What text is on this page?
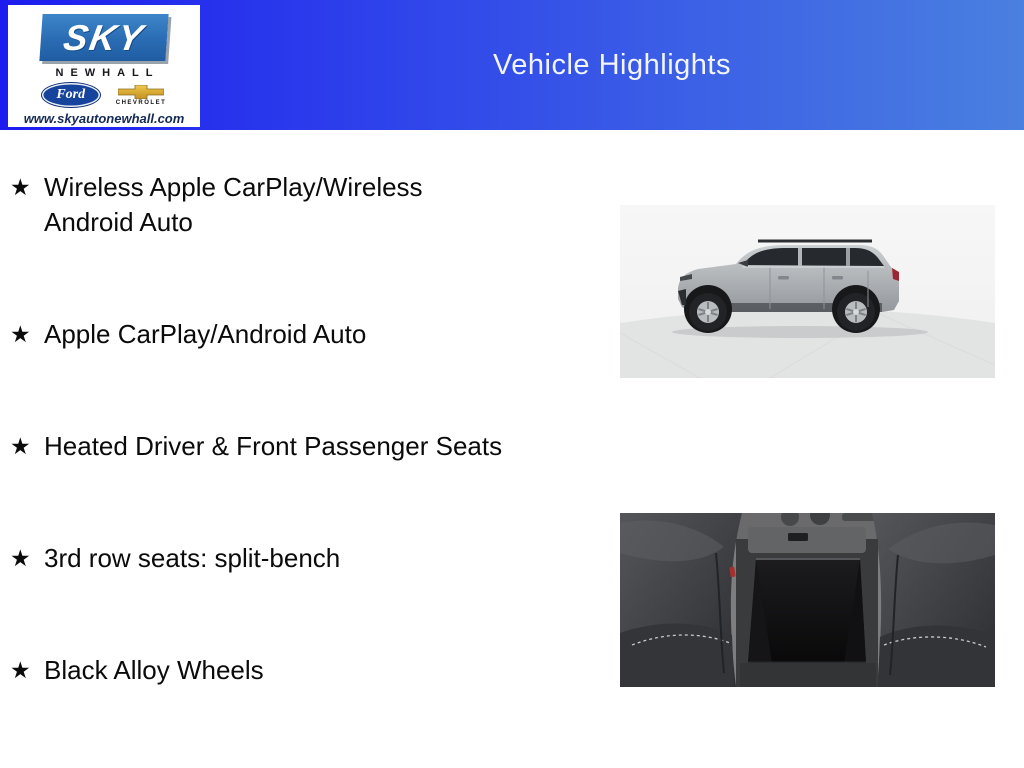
Vehicle Highlights
SKY
NEWHALL
Ford
CHEVROLET
www.skyautonewhall.com
★ Wireless Apple CarPlay/Wireless Android Auto
★ Apple CarPlay/Android Auto
★ Heated Driver & Front Passenger Seats
★ 3rd row seats: split-bench
★ Black Alloy Wheels
